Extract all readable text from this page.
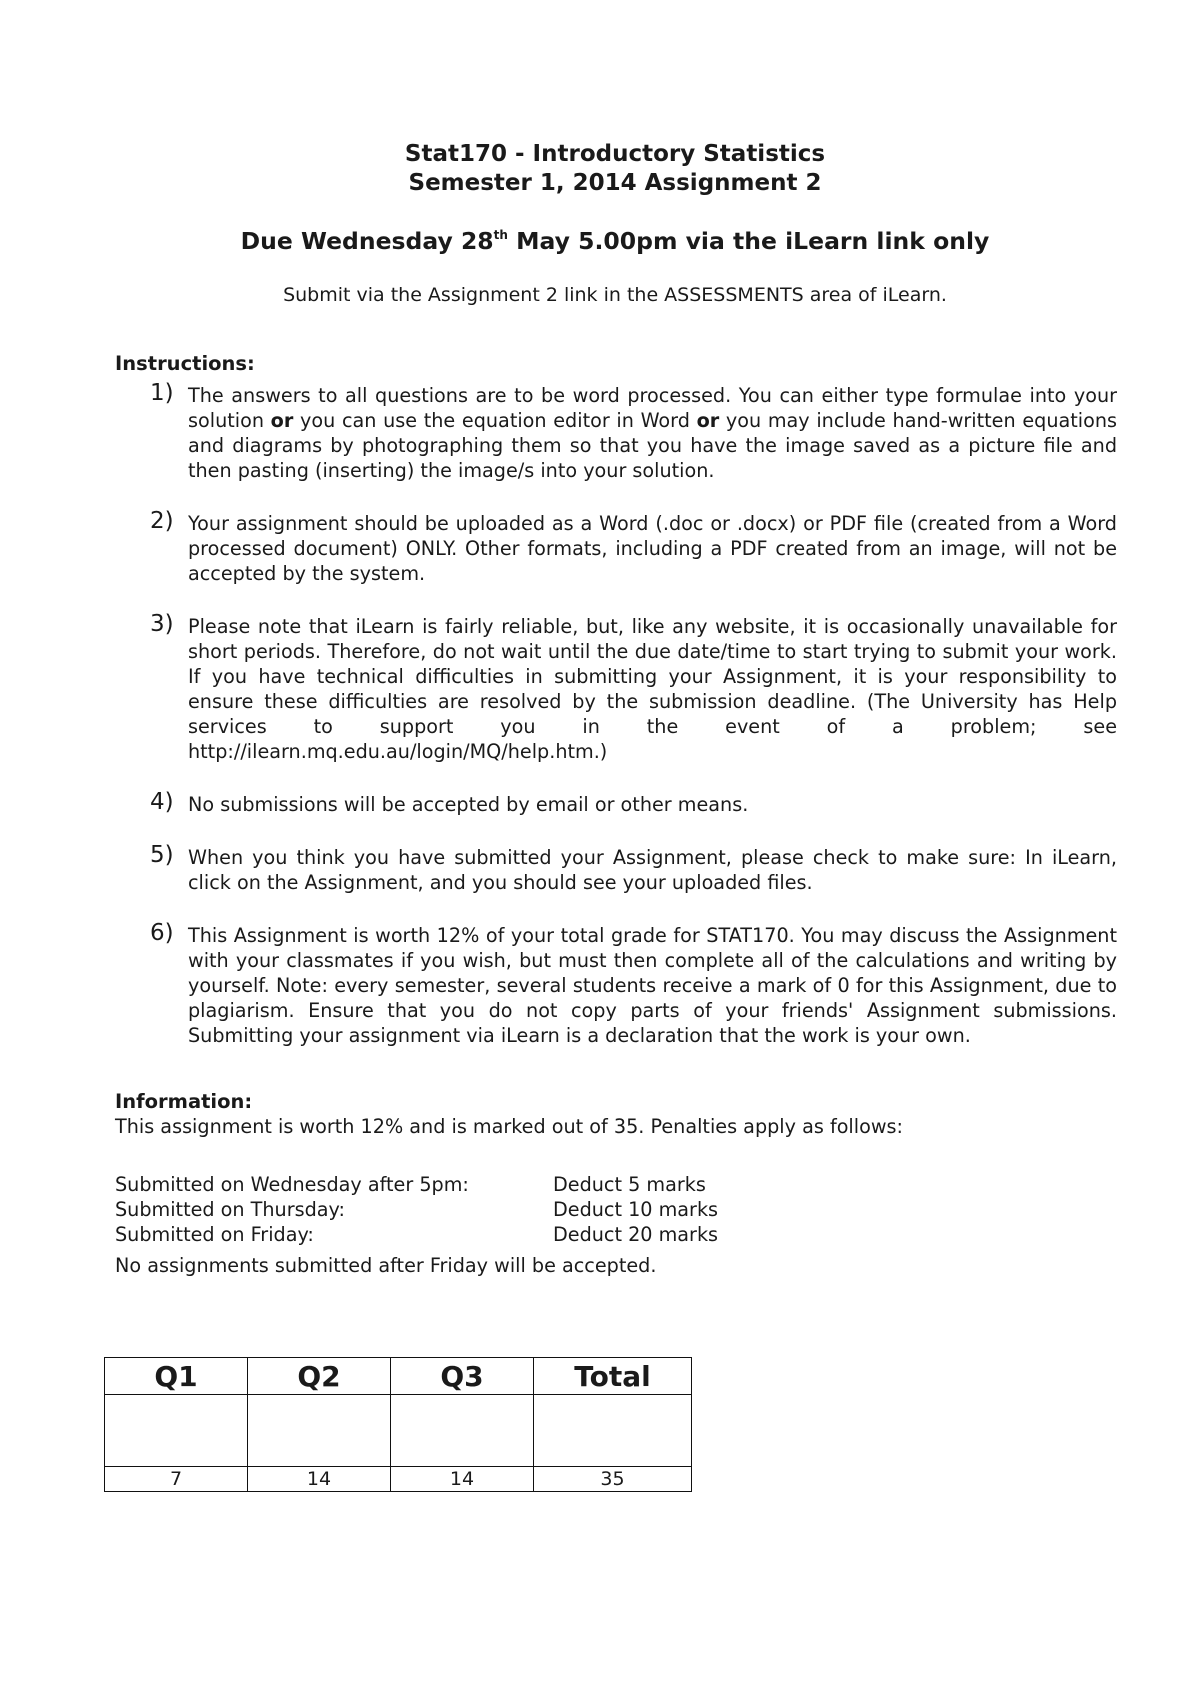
Stat170 - Introductory Statistics
Semester 1, 2014 Assignment 2
Due Wednesday 28th May 5.00pm via the iLearn link only
Submit via the Assignment 2 link in the ASSESSMENTS area of iLearn.
Instructions:
1) The answers to all questions are to be word processed. You can either type formulae into your solution or you can use the equation editor in Word or you may include hand-written equations and diagrams by photographing them so that you have the image saved as a picture file and then pasting (inserting) the image/s into your solution.
2) Your assignment should be uploaded as a Word (.doc or .docx) or PDF file (created from a Word processed document) ONLY. Other formats, including a PDF created from an image, will not be accepted by the system.
3) Please note that iLearn is fairly reliable, but, like any website, it is occasionally unavailable for short periods. Therefore, do not wait until the due date/time to start trying to submit your work. If you have technical difficulties in submitting your Assignment, it is your responsibility to ensure these difficulties are resolved by the submission deadline. (The University has Help services to support you in the event of a problem; see http://ilearn.mq.edu.au/login/MQ/help.htm.)
4) No submissions will be accepted by email or other means.
5) When you think you have submitted your Assignment, please check to make sure: In iLearn, click on the Assignment, and you should see your uploaded files.
6) This Assignment is worth 12% of your total grade for STAT170. You may discuss the Assignment with your classmates if you wish, but must then complete all of the calculations and writing by yourself. Note: every semester, several students receive a mark of 0 for this Assignment, due to plagiarism. Ensure that you do not copy parts of your friends' Assignment submissions. Submitting your assignment via iLearn is a declaration that the work is your own.
Information:
This assignment is worth 12% and is marked out of 35. Penalties apply as follows:
Submitted on Wednesday after 5pm:	Deduct 5 marks
Submitted on Thursday:	Deduct 10 marks
Submitted on Friday:	Deduct 20 marks
No assignments submitted after Friday will be accepted.
Q1	Q2	Q3	Total

7	14	14	35
